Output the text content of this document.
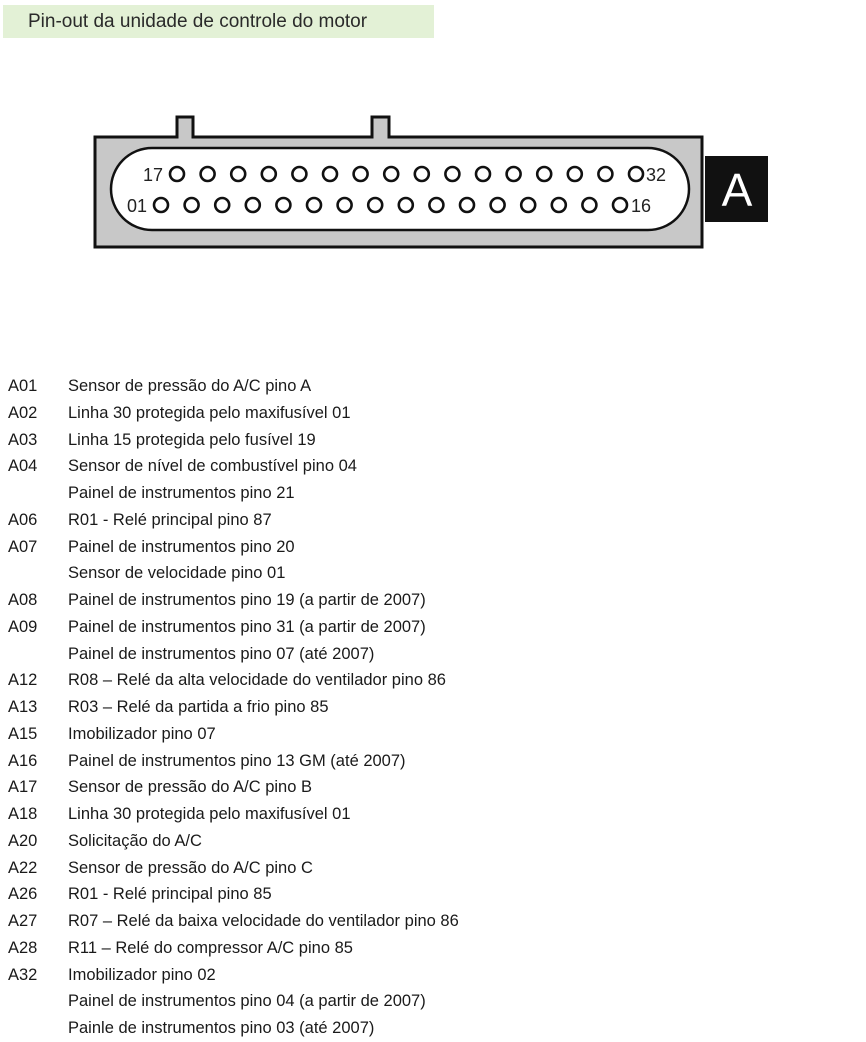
Pin-out da unidade de controle do motor
17	32
01	16 A
A01 Sensor de pressão do A/C pino A
A02 Linha 30 protegida pelo maxifusível 01
A03 Linha 15 protegida pelo fusível 19
A04 Sensor de nível de combustível pino 04
Painel de instrumentos pino 21
A06 R01 - Relé principal pino 87
A07 Painel de instrumentos pino 20
Sensor de velocidade pino 01
A08 Painel de instrumentos pino 19 (a partir de 2007)
A09 Painel de instrumentos pino 31 (a partir de 2007)
Painel de instrumentos pino 07 (até 2007)
A12 R08 – Relé da alta velocidade do ventilador pino 86
A13 R03 – Relé da partida a frio pino 85
A15 Imobilizador pino 07
A16 Painel de instrumentos pino 13 GM (até 2007)
A17 Sensor de pressão do A/C pino B
A18 Linha 30 protegida pelo maxifusível 01
A20 Solicitação do A/C
A22 Sensor de pressão do A/C pino C
A26 R01 - Relé principal pino 85
A27 R07 – Relé da baixa velocidade do ventilador pino 86
A28 R11 – Relé do compressor A/C pino 85
A32 Imobilizador pino 02
Painel de instrumentos pino 04 (a partir de 2007)
Painle de instrumentos pino 03 (até 2007)
